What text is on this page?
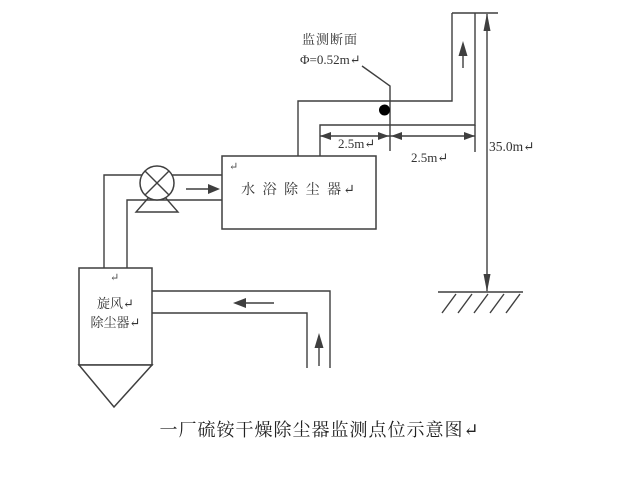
监测断面
Φ=0.52m↵
2.5m↵
2.5m↵
35.0m↵
↵
水 浴 除 尘 器↵
↵
旋风↵
除尘器↵
一厂硫铵干燥除尘器监测点位示意图↵
